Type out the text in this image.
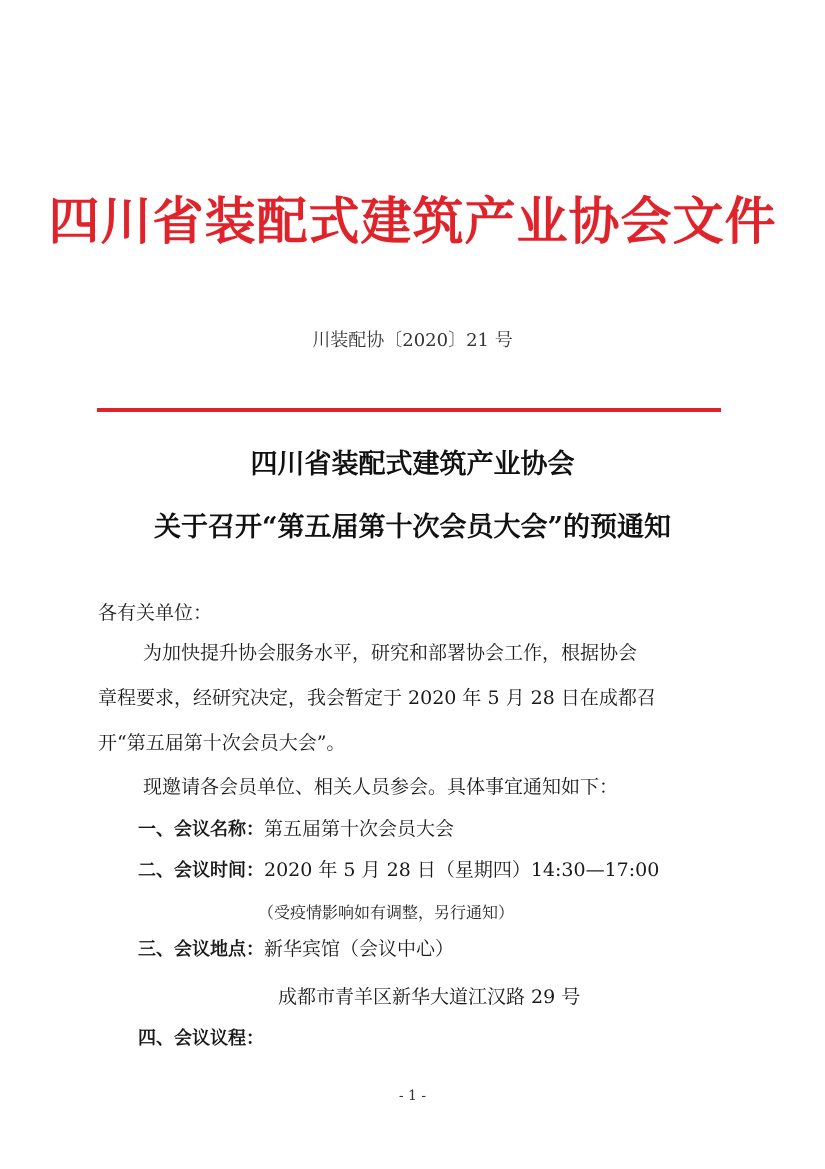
四川省装配式建筑产业协会文件
川装配协〔2020〕21 号
四川省装配式建筑产业协会
关于召开“第五届第十次会员大会”的预通知
各有关单位：
为加快提升协会服务水平，研究和部署协会工作，根据协会
章程要求，经研究决定，我会暂定于 2020 年 5 月 28 日在成都召
开“第五届第十次会员大会”。
现邀请各会员单位、相关人员参会。具体事宜通知如下：
一、会议名称：第五届第十次会员大会
二、会议时间：2020 年 5 月 28 日（星期四）14:30—17:00
（受疫情影响如有调整，另行通知）
三、会议地点：新华宾馆（会议中心）
成都市青羊区新华大道江汉路 29 号
四、会议议程：
- 1 -
